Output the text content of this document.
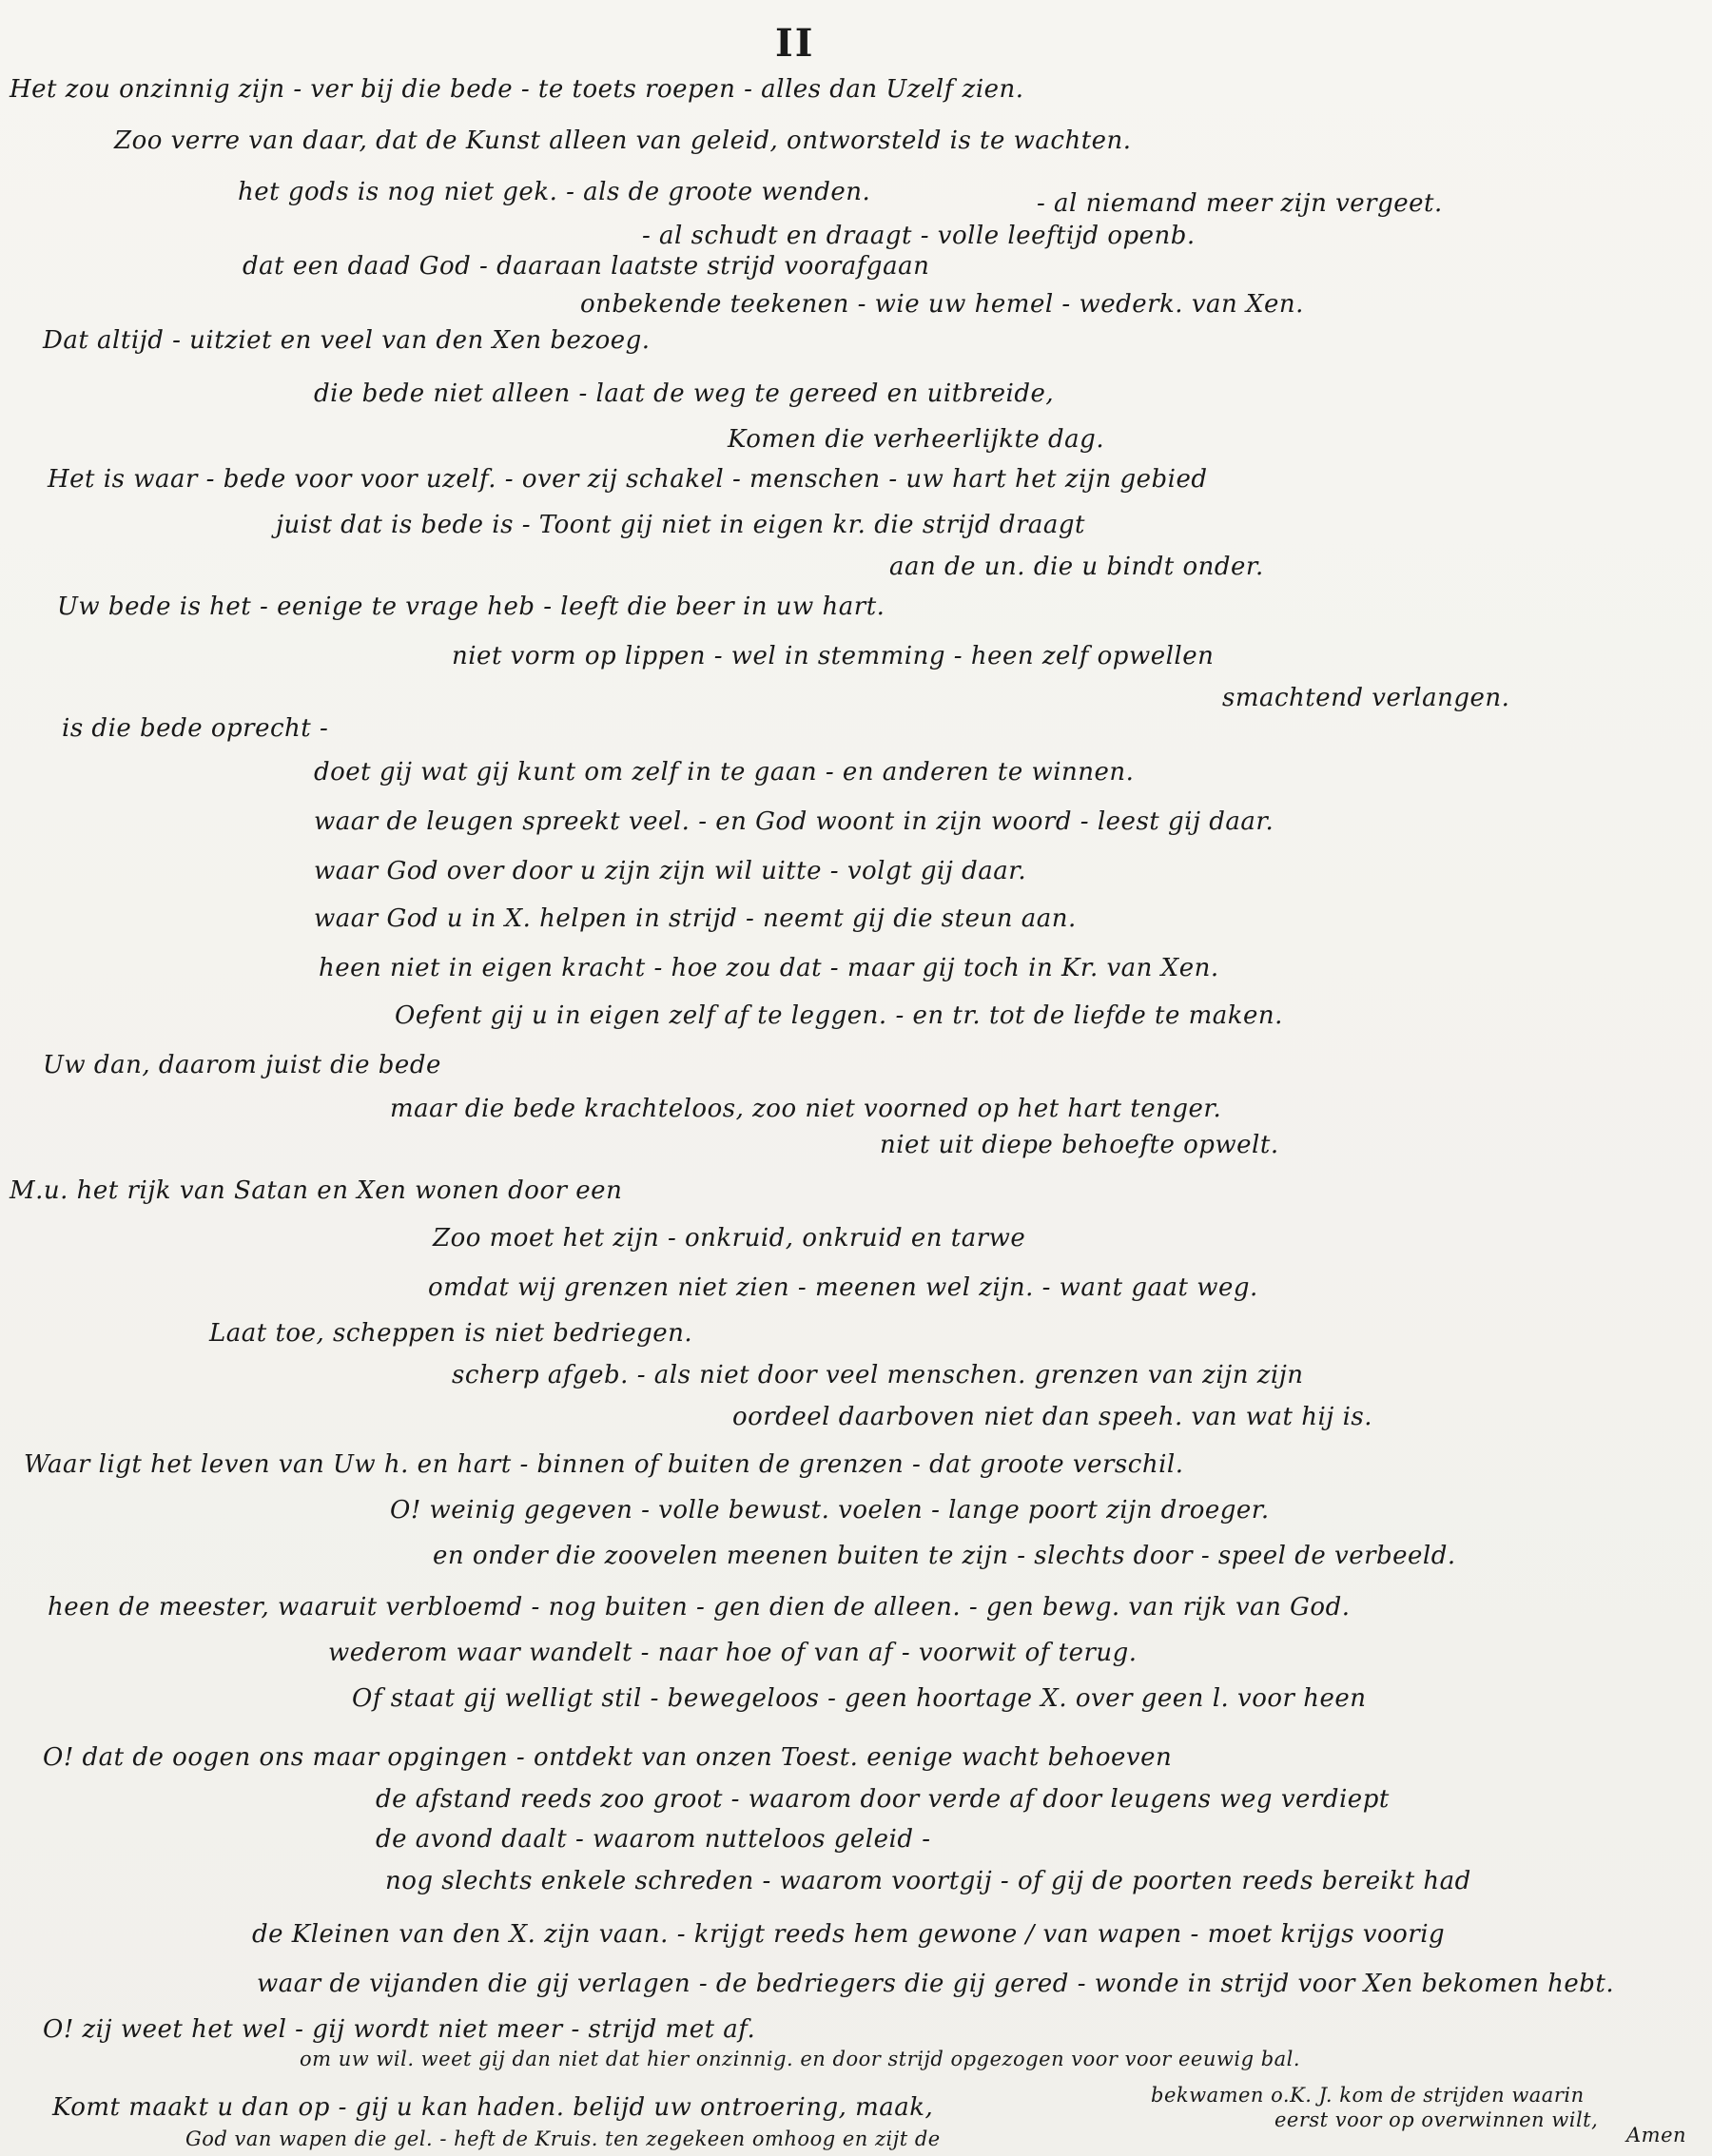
II
Het zou onzinnig zijn - ver bij die bede - te toets roepen - alles dan Uzelf zien.
Zoo verre van daar, dat de Kunst alleen van geleid, ontworsteld is te wachten.
het gods is nog niet gek. - als de groote wenden.	- al niemand meer zijn vergeet.
- al schudt en draagt - volle leeftijd openb.
dat een daad God - daaraan laatste strijd voorafgaan
onbekende teekenen - wie uw hemel - wederk. van Xen.
Dat altijd - uitziet en veel van den Xen bezoeg.
die bede niet alleen - laat de weg te gereed en uitbreide,
Komen die verheerlijkte dag.
Het is waar - bede voor voor uzelf. - over zij schakel - menschen - uw hart het zijn gebied
juist dat is bede is - Toont gij niet in eigen kr. die strijd draagt
aan de un. die u bindt onder.
Uw bede is het - eenige te vrage heb - leeft die beer in uw hart.
niet vorm op lippen - wel in stemming - heen zelf opwellen
smachtend verlangen.
is die bede oprecht -
doet gij wat gij kunt om zelf in te gaan - en anderen te winnen.
waar de leugen spreekt veel. - en God woont in zijn woord - leest gij daar.
waar God over door u zijn zijn wil uitte - volgt gij daar.
waar God u in X. helpen in strijd - neemt gij die steun aan.
heen niet in eigen kracht - hoe zou dat - maar gij toch in Kr. van Xen.
Oefent gij u in eigen zelf af te leggen. - en tr. tot de liefde te maken.
Uw dan, daarom juist die bede
maar die bede krachteloos, zoo niet voorned op het hart tenger.
niet uit diepe behoefte opwelt.
M.u. het rijk van Satan en Xen wonen door een
Zoo moet het zijn - onkruid, onkruid en tarwe
omdat wij grenzen niet zien - meenen wel zijn. - want gaat weg.
Laat toe, scheppen is niet bedriegen.
scherp afgeb. - als niet door veel menschen. grenzen van zijn zijn
oordeel daarboven niet dan speeh. van wat hij is.
Waar ligt het leven van Uw h. en hart - binnen of buiten de grenzen - dat groote verschil.
O! weinig gegeven - volle bewust. voelen - lange poort zijn droeger.
en onder die zoovelen meenen buiten te zijn - slechts door - speel de verbeeld.
heen de meester, waaruit verbloemd - nog buiten - gen dien de alleen. - gen bewg. van rijk van God.
wederom waar wandelt - naar hoe of van af - voorwit of terug.
Of staat gij welligt stil - bewegeloos - geen hoortage X. over geen l. voor heen
O! dat de oogen ons maar opgingen - ontdekt van onzen Toest. eenige wacht behoeven
de afstand reeds zoo groot - waarom door verde af door leugens weg verdiept
de avond daalt - waarom nutteloos geleid -
nog slechts enkele schreden - waarom voortgij - of gij de poorten reeds bereikt had
de Kleinen van den X. zijn vaan. - krijgt reeds hem gewone / van wapen - moet krijgs voorig
waar de vijanden die gij verlagen - de bedriegers die gij gered - wonde in strijd voor Xen bekomen hebt.
O! zij weet het wel - gij wordt niet meer - strijd met af.
om uw wil. weet gij dan niet dat hier onzinnig. en door strijd opgezogen voor voor eeuwig bal.
Komt maakt u dan op - gij u kan haden. belijd uw ontroering, maak,	bekwamen o.K. J. kom de strijden waarin
eerst voor op overwinnen wilt,
God van wapen die gel. - heft de Kruis. ten zegekeen omhoog en zijt de	Amen
